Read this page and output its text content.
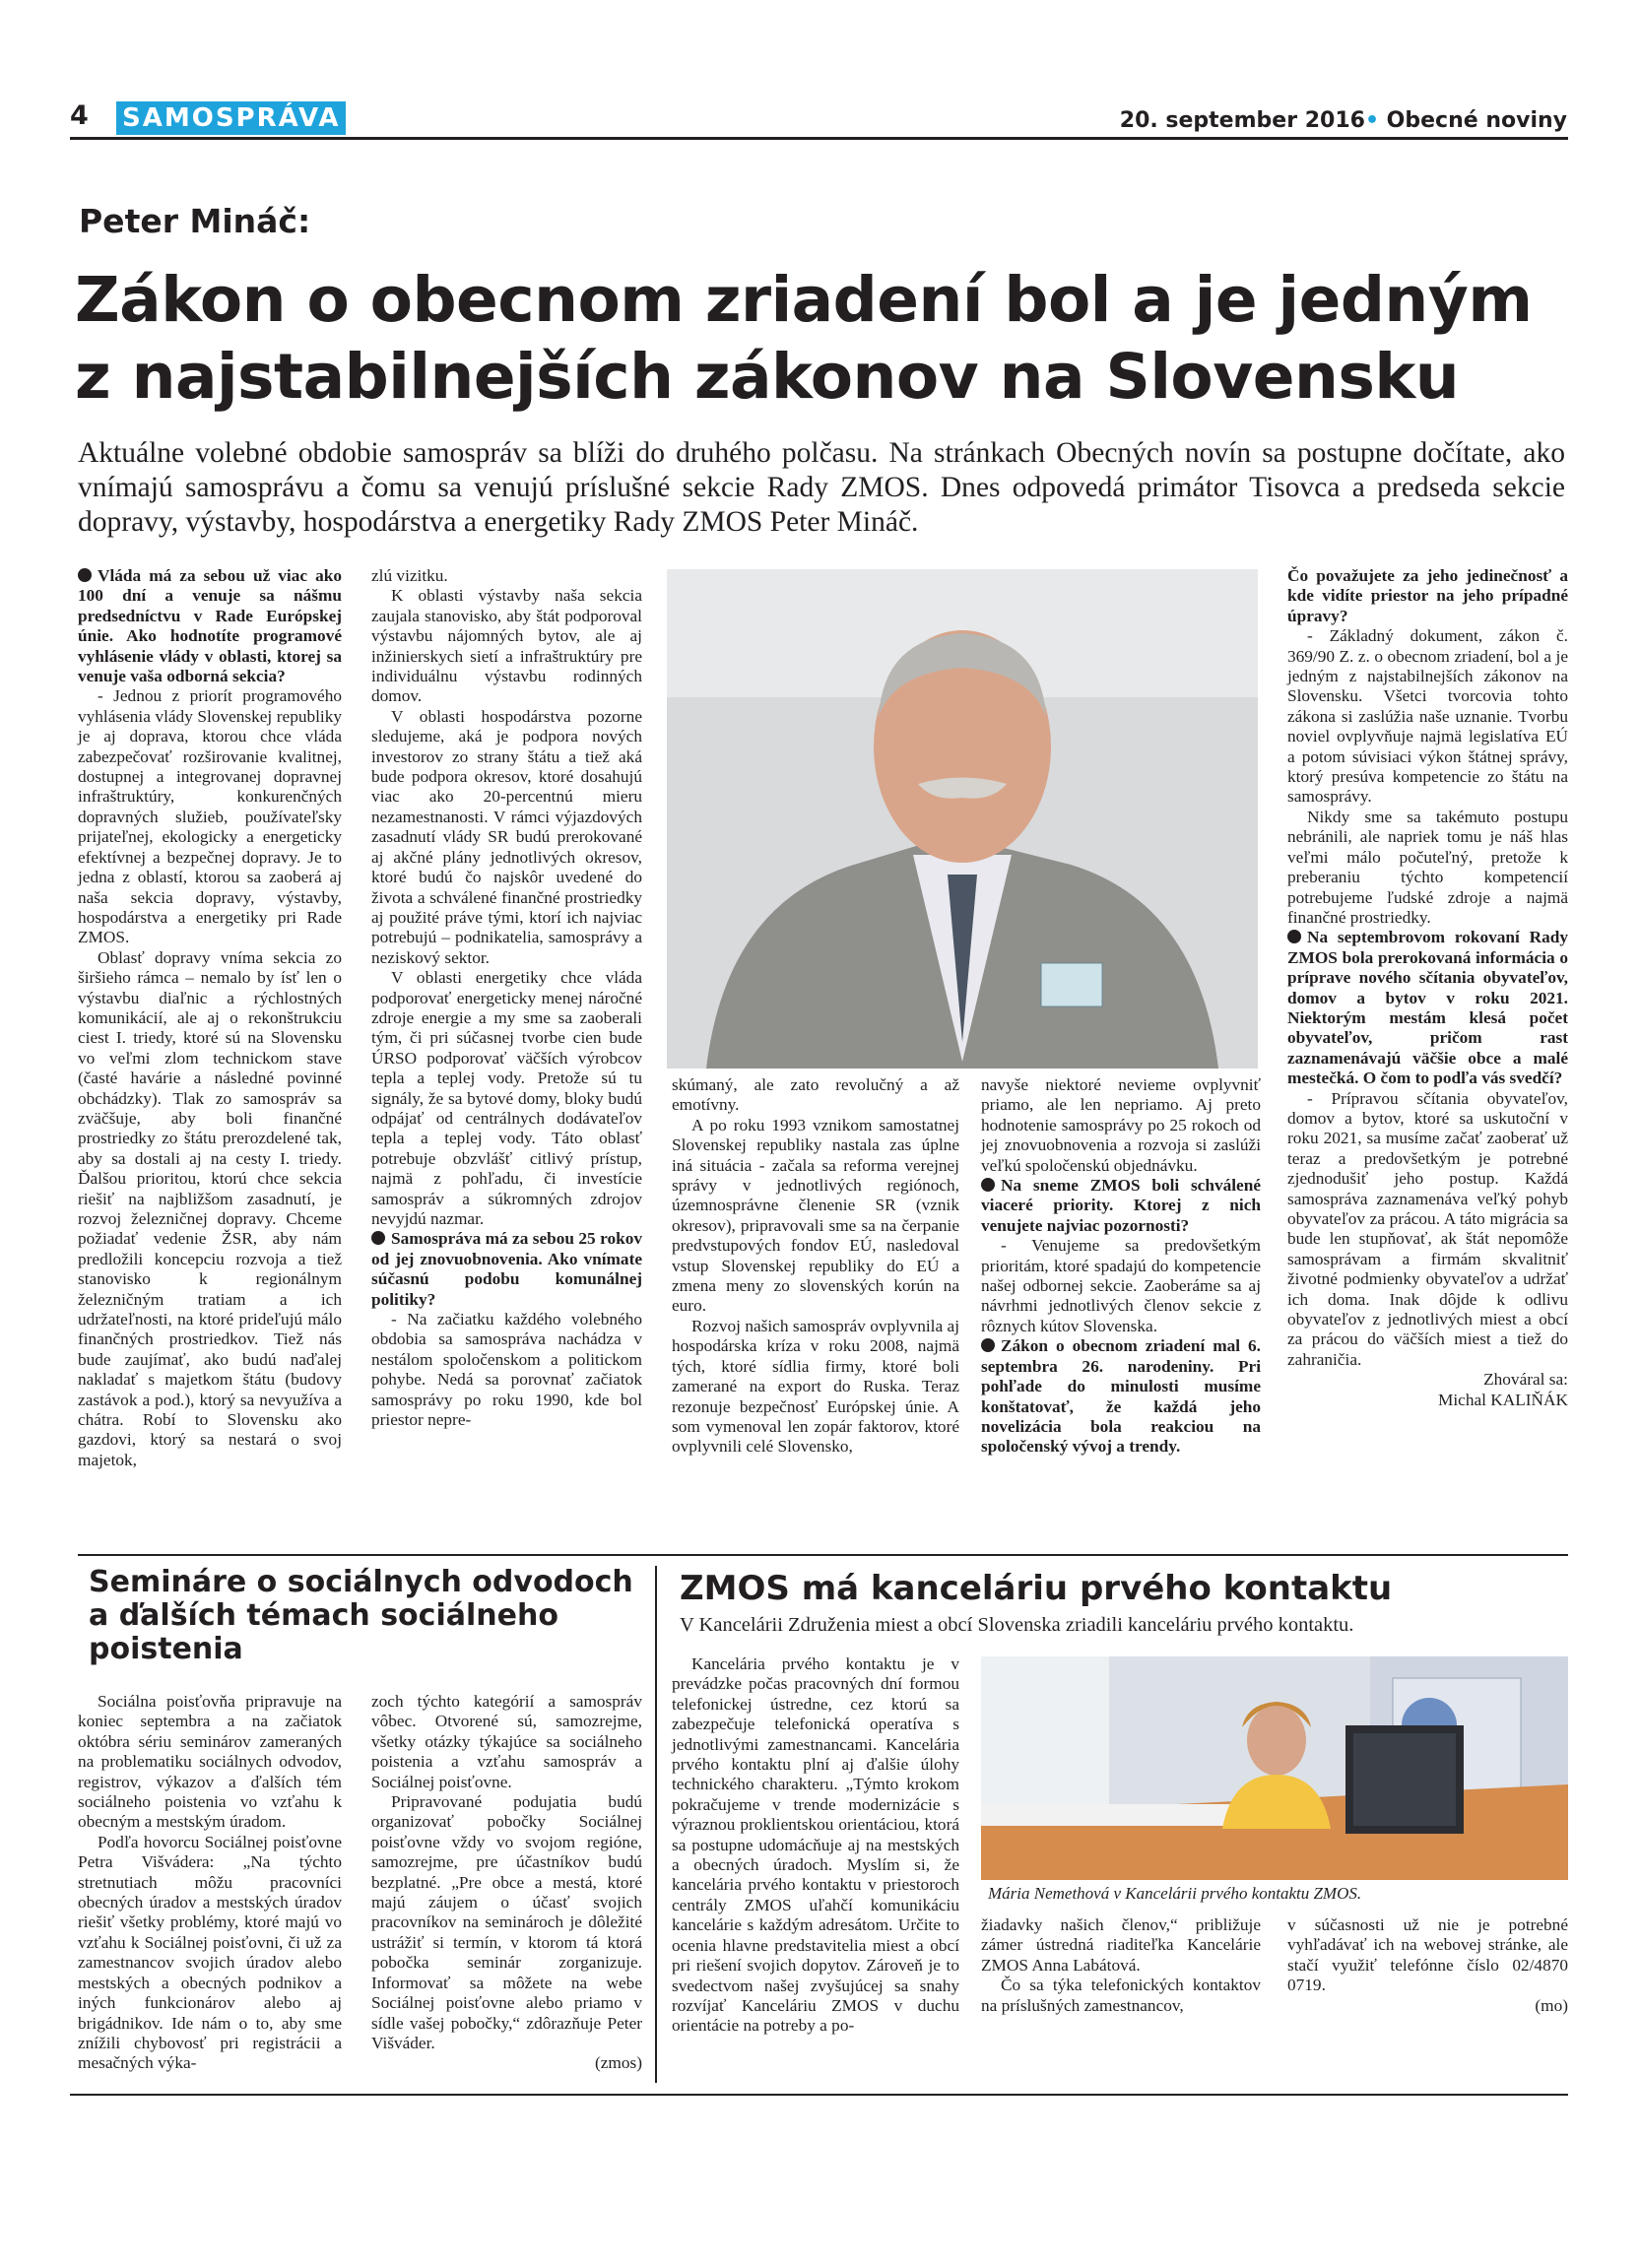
4 SAMOSPRÁVA	20. september 2016• Obecné noviny
Peter Mináč:
Zákon o obecnom zriadení bol a je jedným
z najstabilnejších zákonov na Slovensku
Aktuálne volebné obdobie samospráv sa blíži do druhého polčasu. Na stránkach Obecných novín sa postupne dočítate, ako vnímajú samosprávu a čomu sa venujú príslušné sekcie Rady ZMOS. Dnes odpovedá primátor Tisovca a predseda sekcie dopravy, výstavby, hospodárstva a energetiky Rady ZMOS Peter Mináč.

Vláda má za sebou už viac ako 100 dní a venuje sa nášmu predsedníctvu v Rade Európskej únie. Ako hodnotíte programové vyhlásenie vlády v oblasti, ktorej sa venuje vaša odborná sekcia?

- Jednou z priorít programového vyhlásenia vlády Slovenskej republiky je aj doprava, ktorou chce vláda zabezpečovať rozširovanie kvalitnej, dostupnej a integrovanej dopravnej infraštruktúry, konkurenčných dopravných služieb, používateľsky prijateľnej, ekologicky a energeticky efektívnej a bezpečnej dopravy. Je to jedna z oblastí, ktorou sa zaoberá aj naša sekcia dopravy, výstavby, hospodárstva a energetiky pri Rade ZMOS.

Oblasť dopravy vníma sekcia zo širšieho rámca – nemalo by ísť len o výstavbu diaľnic a rýchlostných komunikácií, ale aj o rekonštrukciu ciest I. triedy, ktoré sú na Slovensku vo veľmi zlom technickom stave (časté havárie a následné povinné obchádzky). Tlak zo samospráv sa zväčšuje, aby boli finančné prostriedky zo štátu prerozdelené tak, aby sa dostali aj na cesty I. triedy. Ďalšou prioritou, ktorú chce sekcia riešiť na najbližšom zasadnutí, je rozvoj železničnej dopravy. Chceme požiadať vedenie ŽSR, aby nám predložili koncepciu rozvoja a tiež stanovisko k regionálnym železničným tratiam a ich udržateľnosti, na ktoré prideľujú málo finančných prostriedkov. Tiež nás bude zaujímať, ako budú naďalej nakladať s majetkom štátu (budovy zastávok a pod.), ktorý sa nevyužíva a chátra. Robí to Slovensku ako gazdovi, ktorý sa nestará o svoj majetok,

zlú vizitku.

K oblasti výstavby naša sekcia zaujala stanovisko, aby štát podporoval výstavbu nájomných bytov, ale aj inžinierskych sietí a infraštruktúry pre individuálnu výstavbu rodinných domov.

V oblasti hospodárstva pozorne sledujeme, aká je podpora nových investorov zo strany štátu a tiež aká bude podpora okresov, ktoré dosahujú viac ako 20-percentnú mieru nezamestnanosti. V rámci výjazdových zasadnutí vlády SR budú prerokované aj akčné plány jednotlivých okresov, ktoré budú čo najskôr uvedené do života a schválené finančné prostriedky aj použité práve tými, ktorí ich najviac potrebujú – podnikatelia, samosprávy a neziskový sektor.

V oblasti energetiky chce vláda podporovať energeticky menej náročné zdroje energie a my sme sa zaoberali tým, či pri súčasnej tvorbe cien bude ÚRSO podporovať väčších výrobcov tepla a teplej vody. Pretože sú tu signály, že sa bytové domy, bloky budú odpájať od centrálnych dodávateľov tepla a teplej vody. Táto oblasť potrebuje obzvlášť citlivý prístup, najmä z pohľadu, či investície samospráv a súkromných zdrojov nevyjdú nazmar.

Samospráva má za sebou 25 rokov od jej znovuobnovenia. Ako vnímate súčasnú podobu komunálnej politiky?

- Na začiatku každého volebného obdobia sa samospráva nachádza v nestálom spoločenskom a politickom pohybe. Nedá sa porovnať začiatok samosprávy po roku 1990, kde bol priestor nepre-

skúmaný, ale zato revolučný a až emotívny.

A po roku 1993 vznikom samostatnej Slovenskej republiky nastala zas úplne iná situácia - začala sa reforma verejnej správy v jednotlivých regiónoch, územnosprávne členenie SR (vznik okresov), pripravovali sme sa na čerpanie predvstupových fondov EÚ, nasledoval vstup Slovenskej republiky do EÚ a zmena meny zo slovenských korún na euro.

Rozvoj našich samospráv ovplyvnila aj hospodárska kríza v roku 2008, najmä tých, ktoré sídlia firmy, ktoré boli zamerané na export do Ruska. Teraz rezonuje bezpečnosť Európskej únie. A som vymenoval len zopár faktorov, ktoré ovplyvnili celé Slovensko,

navyše niektoré nevieme ovplyvniť priamo, ale len nepriamo. Aj preto hodnotenie samosprávy po 25 rokoch od jej znovuobnovenia a rozvoja si zaslúži veľkú spoločenskú objednávku.

Na sneme ZMOS boli schválené viaceré priority. Ktorej z nich venujete najviac pozornosti?

- Venujeme sa predovšetkým prioritám, ktoré spadajú do kompetencie našej odbornej sekcie. Zaoberáme sa aj návrhmi jednotlivých členov sekcie z rôznych kútov Slovenska.

Zákon o obecnom zriadení mal 6. septembra 26. narodeniny. Pri pohľade do minulosti musíme konštatovať, že každá jeho novelizácia bola reakciou na spoločenský vývoj a trendy.

Čo považujete za jeho jedinečnosť a kde vidíte priestor na jeho prípadné úpravy?

- Základný dokument, zákon č. 369/90 Z. z. o obecnom zriadení, bol a je jedným z najstabilnejších zákonov na Slovensku. Všetci tvorcovia tohto zákona si zaslúžia naše uznanie. Tvorbu noviel ovplyvňuje najmä legislatíva EÚ a potom súvisiaci výkon štátnej správy, ktorý presúva kompetencie zo štátu na samosprávy.

Nikdy sme sa takémuto postupu nebránili, ale napriek tomu je náš hlas veľmi málo počuteľný, pretože k preberaniu týchto kompetencií potrebujeme ľudské zdroje a najmä finančné prostriedky.

Na septembrovom rokovaní Rady ZMOS bola prerokovaná informácia o príprave nového sčítania obyvateľov, domov a bytov v roku 2021. Niektorým mestám klesá počet obyvateľov, pričom rast zaznamenávajú väčšie obce a malé mestečká. O čom to podľa vás svedčí?

- Prípravou sčítania obyvateľov, domov a bytov, ktoré sa uskutoční v roku 2021, sa musíme začať zaoberať už teraz a predovšetkým je potrebné zjednodušiť jeho postup. Každá samospráva zaznamenáva veľký pohyb obyvateľov za prácou. A táto migrácia sa bude len stupňovať, ak štát nepomôže samosprávam a firmám skvalitniť životné podmienky obyvateľov a udržať ich doma. Inak dôjde k odlivu obyvateľov z jednotlivých miest a obcí za prácou do väčších miest a tiež do zahraničia.

Zhováral sa:

Michal KALIŇÁK

Semináre o sociálnych odvodoch
a ďalších témach sociálneho
poistenia

Sociálna poisťovňa pripravuje na koniec septembra a na začiatok októbra sériu seminárov zameraných na problematiku sociálnych odvodov, registrov, výkazov a ďalších tém sociálneho poistenia vo vzťahu k obecným a mestským úradom.

Podľa hovorcu Sociálnej poisťovne Petra Višvádera: „Na týchto stretnutiach môžu pracovníci obecných úradov a mestských úradov riešiť všetky problémy, ktoré majú vo vzťahu k Sociálnej poisťovni, či už za zamestnancov svojich úradov alebo mestských a obecných podnikov a iných funkcionárov alebo aj brigádnikov. Ide nám o to, aby sme znížili chybovosť pri registrácii a mesačných výka-

zoch týchto kategórií a samospráv vôbec. Otvorené sú, samozrejme, všetky otázky týkajúce sa sociálneho poistenia a vzťahu samospráv a Sociálnej poisťovne.

Pripravované podujatia budú organizovať pobočky Sociálnej poisťovne vždy vo svojom regióne, samozrejme, pre účastníkov budú bezplatné. „Pre obce a mestá, ktoré majú záujem o účasť svojich pracovníkov na seminároch je dôležité ustrážiť si termín, v ktorom tá ktorá pobočka seminár zorganizuje. Informovať sa môžete na webe Sociálnej poisťovne alebo priamo v sídle vašej pobočky,“ zdôrazňuje Peter Višváder.

(zmos)

ZMOS má kanceláriu prvého kontaktu
V Kancelárii Združenia miest a obcí Slovenska zriadili kanceláriu prvého kontaktu.

Kancelária prvého kontaktu je v prevádzke počas pracovných dní formou telefonickej ústredne, cez ktorú sa zabezpečuje telefonická operatíva s jednotlivými zamestnancami. Kancelária prvého kontaktu plní aj ďalšie úlohy technického charakteru. „Týmto krokom pokračujeme v trende modernizácie s výraznou proklientskou orientáciou, ktorá sa postupne udomácňuje aj na mestských a obecných úradoch. Myslím si, že kancelária prvého kontaktu v priestoroch centrály ZMOS uľahčí komunikáciu kancelárie s každým adresátom. Určite to ocenia hlavne predstavitelia miest a obcí pri riešení svojich dopytov. Zároveň je to svedectvom našej zvyšujúcej sa snahy rozvíjať Kanceláriu ZMOS v duchu orientácie na potreby a po-

Mária Nemethová v Kancelárii prvého kontaktu ZMOS.

žiadavky našich členov,“ približuje zámer ústredná riaditeľka Kancelárie ZMOS Anna Labátová.

Čo sa týka telefonických kontaktov na príslušných zamestnancov,

v súčasnosti už nie je potrebné vyhľadávať ich na webovej stránke, ale stačí využiť telefónne číslo 02/4870 0719.

(mo)
